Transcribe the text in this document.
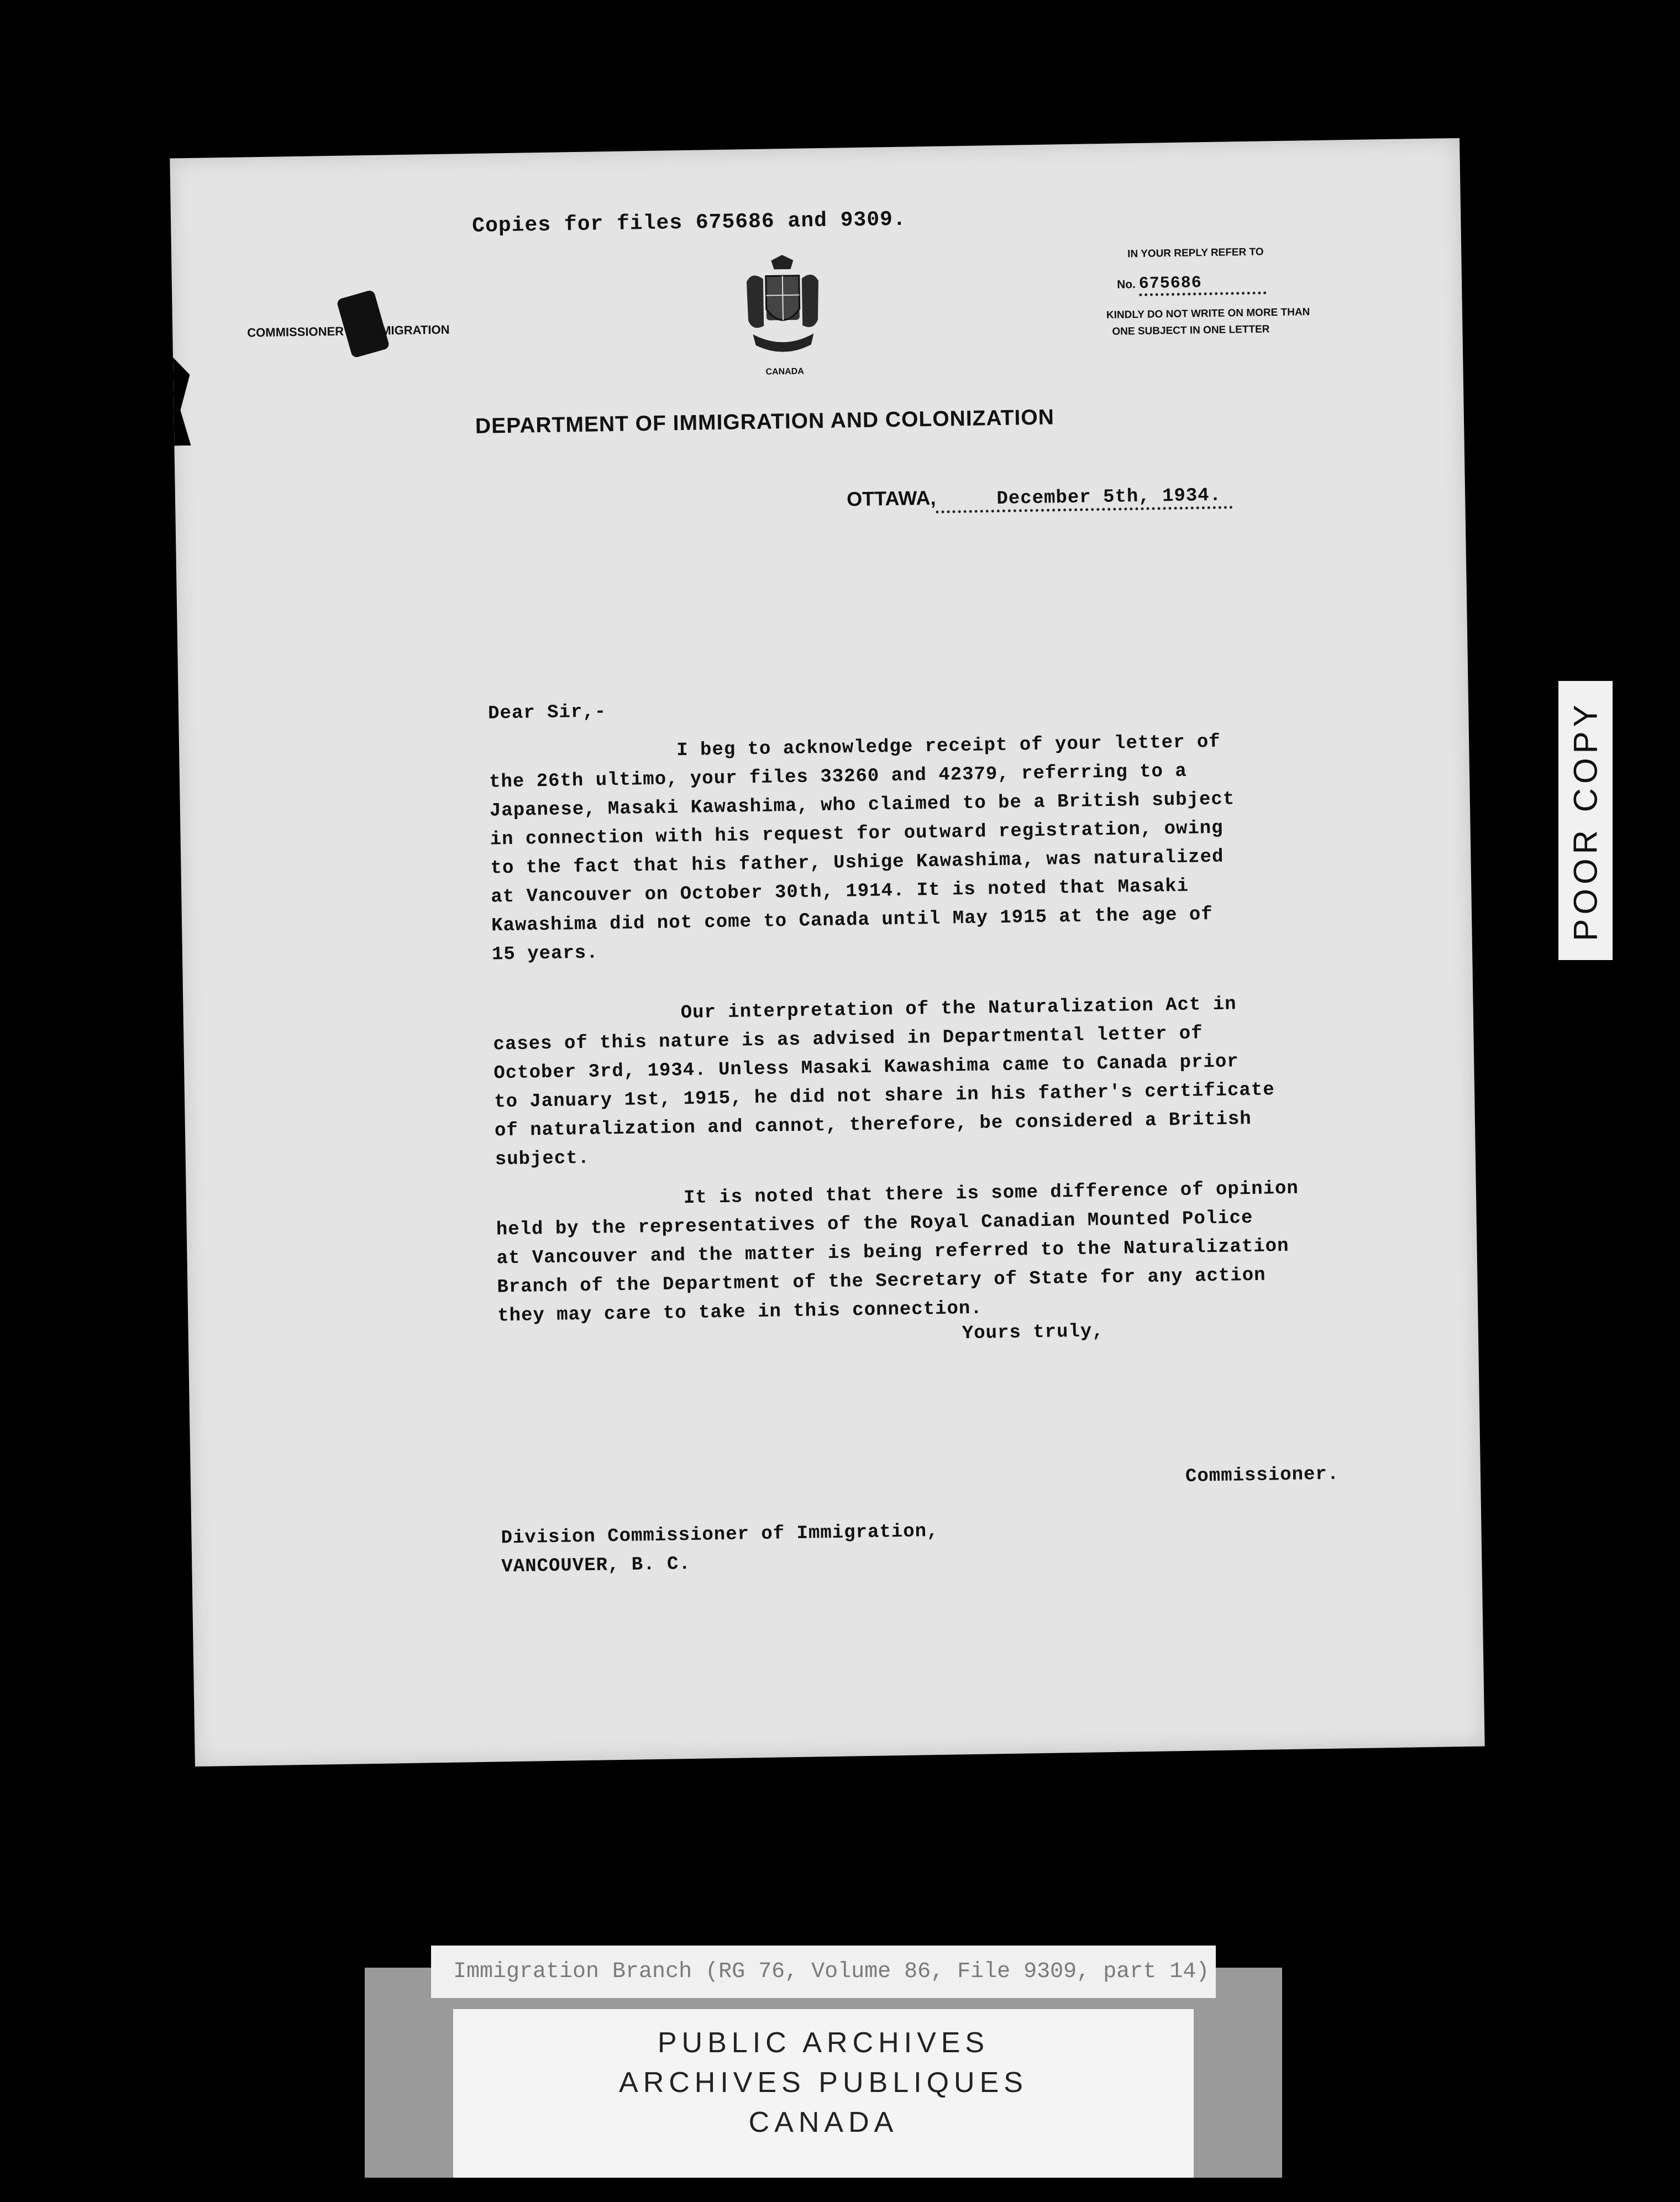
Copies for files 675686 and 9309.
COMMISSIONER OF IMMIGRATION
CANADA
IN YOUR REPLY REFER TO
No. 675686
KINDLY DO NOT WRITE ON MORE THAN
ONE SUBJECT IN ONE LETTER
DEPARTMENT OF IMMIGRATION AND COLONIZATION
OTTAWA,	December 5th, 1934.
Dear Sir,-

I beg to acknowledge receipt of your letter of

the 26th ultimo, your files 33260 and 42379, referring to a

Japanese, Masaki Kawashima, who claimed to be a British subject

in connection with his request for outward registration, owing

to the fact that his father, Ushige Kawashima, was naturalized

at Vancouver on October 30th, 1914. It is noted that Masaki

Kawashima did not come to Canada until May 1915 at the age of

15 years.

Our interpretation of the Naturalization Act in

cases of this nature is as advised in Departmental letter of

October 3rd, 1934. Unless Masaki Kawashima came to Canada prior

to January 1st, 1915, he did not share in his father's certificate

of naturalization and cannot, therefore, be considered a British

subject.

It is noted that there is some difference of opinion

held by the representatives of the Royal Canadian Mounted Police

at Vancouver and the matter is being referred to the Naturalization

Branch of the Department of the Secretary of State for any action

they may care to take in this connection.

Yours truly,
Commissioner.
Division Commissioner of Immigration,
VANCOUVER, B. C.
POOR COPY
Immigration Branch (RG 76, Volume 86, File 9309, part 14)
PUBLIC ARCHIVES
ARCHIVES PUBLIQUES
CANADA
